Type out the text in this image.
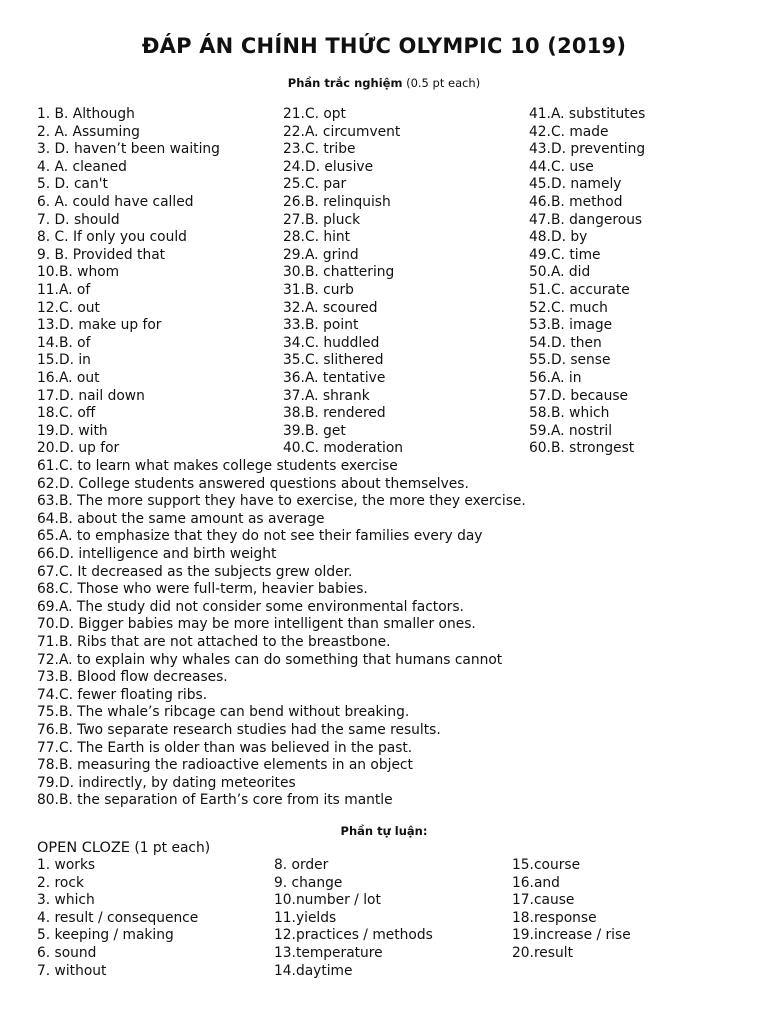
ĐÁP ÁN CHÍNH THỨC OLYMPIC 10 (2019)
Phần trắc nghiệm (0.5 pt each)
1. B. Although
2. A. Assuming
3. D. haven’t been waiting
4. A. cleaned
5. D. can't
6. A. could have called
7. D. should
8. C. If only you could
9. B. Provided that
10.B. whom
11.A. of
12.C. out
13.D. make up for
14.B. of
15.D. in
16.A. out
17.D. nail down
18.C. off
19.D. with
20.D. up for
21.C. opt
22.A. circumvent
23.C. tribe
24.D. elusive
25.C. par
26.B. relinquish
27.B. pluck
28.C. hint
29.A. grind
30.B. chattering
31.B. curb
32.A. scoured
33.B. point
34.C. huddled
35.C. slithered
36.A. tentative
37.A. shrank
38.B. rendered
39.B. get
40.C. moderation
41.A. substitutes
42.C. made
43.D. preventing
44.C. use
45.D. namely
46.B. method
47.B. dangerous
48.D. by
49.C. time
50.A. did
51.C. accurate
52.C. much
53.B. image
54.D. then
55.D. sense
56.A. in
57.D. because
58.B. which
59.A. nostril
60.B. strongest
61.C. to learn what makes college students exercise
62.D. College students answered questions about themselves.
63.B. The more support they have to exercise, the more they exercise.
64.B. about the same amount as average
65.A. to emphasize that they do not see their families every day
66.D. intelligence and birth weight
67.C. It decreased as the subjects grew older.
68.C. Those who were full-term, heavier babies.
69.A. The study did not consider some environmental factors.
70.D. Bigger babies may be more intelligent than smaller ones.
71.B. Ribs that are not attached to the breastbone.
72.A. to explain why whales can do something that humans cannot
73.B. Blood flow decreases.
74.C. fewer floating ribs.
75.B. The whale’s ribcage can bend without breaking.
76.B. Two separate research studies had the same results.
77.C. The Earth is older than was believed in the past.
78.B. measuring the radioactive elements in an object
79.D. indirectly, by dating meteorites
80.B. the separation of Earth’s core from its mantle
Phần tự luận:
OPEN CLOZE (1 pt each)
1. works
2. rock
3. which
4. result / consequence
5. keeping / making
6. sound
7. without
8. order
9. change
10.number / lot
11.yields
12.practices / methods
13.temperature
14.daytime
15.course
16.and
17.cause
18.response
19.increase / rise
20.result
